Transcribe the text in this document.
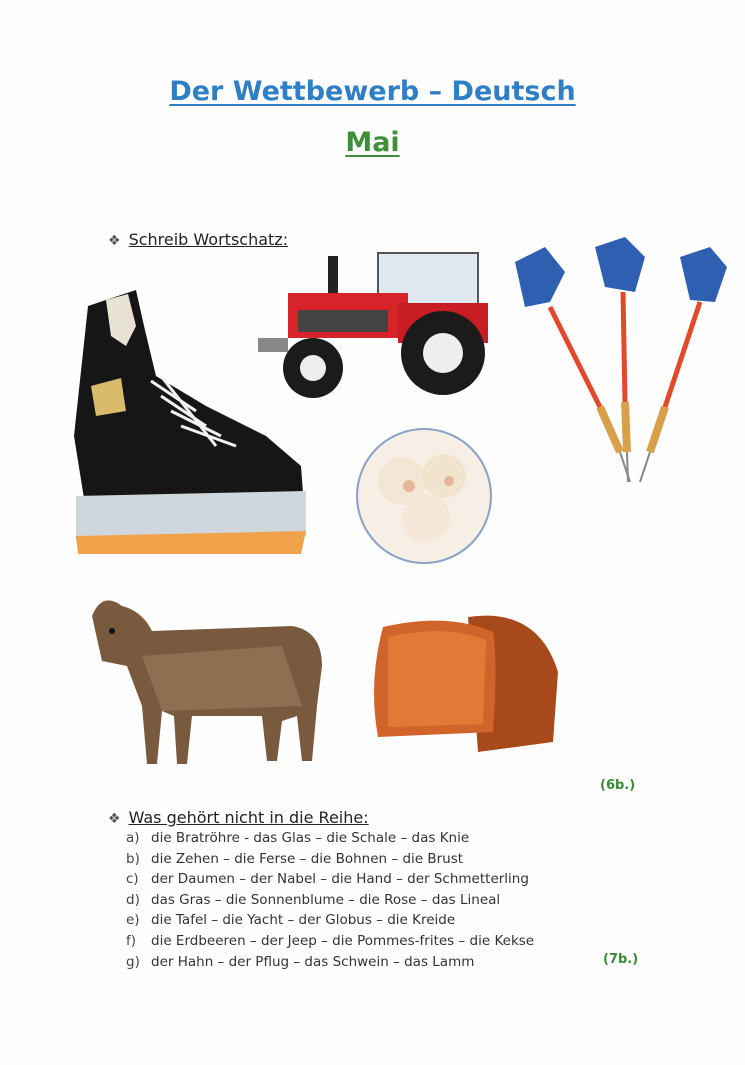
Der Wettbewerb – Deutsch
Mai
❖ Schreib Wortschatz:
(6b.)
❖ Was gehört nicht in die Reihe:
a) die Bratröhre - das Glas – die Schale – das Knie
b) die Zehen – die Ferse – die Bohnen – die Brust
c) der Daumen – der Nabel – die Hand – der Schmetterling
d) das Gras – die Sonnenblume – die Rose – das Lineal
e) die Tafel – die Yacht – der Globus – die Kreide
f)	die Erdbeeren – der Jeep – die Pommes-frites – die Kekse
g) der Hahn – der Pflug – das Schwein – das Lamm	(7b.)
